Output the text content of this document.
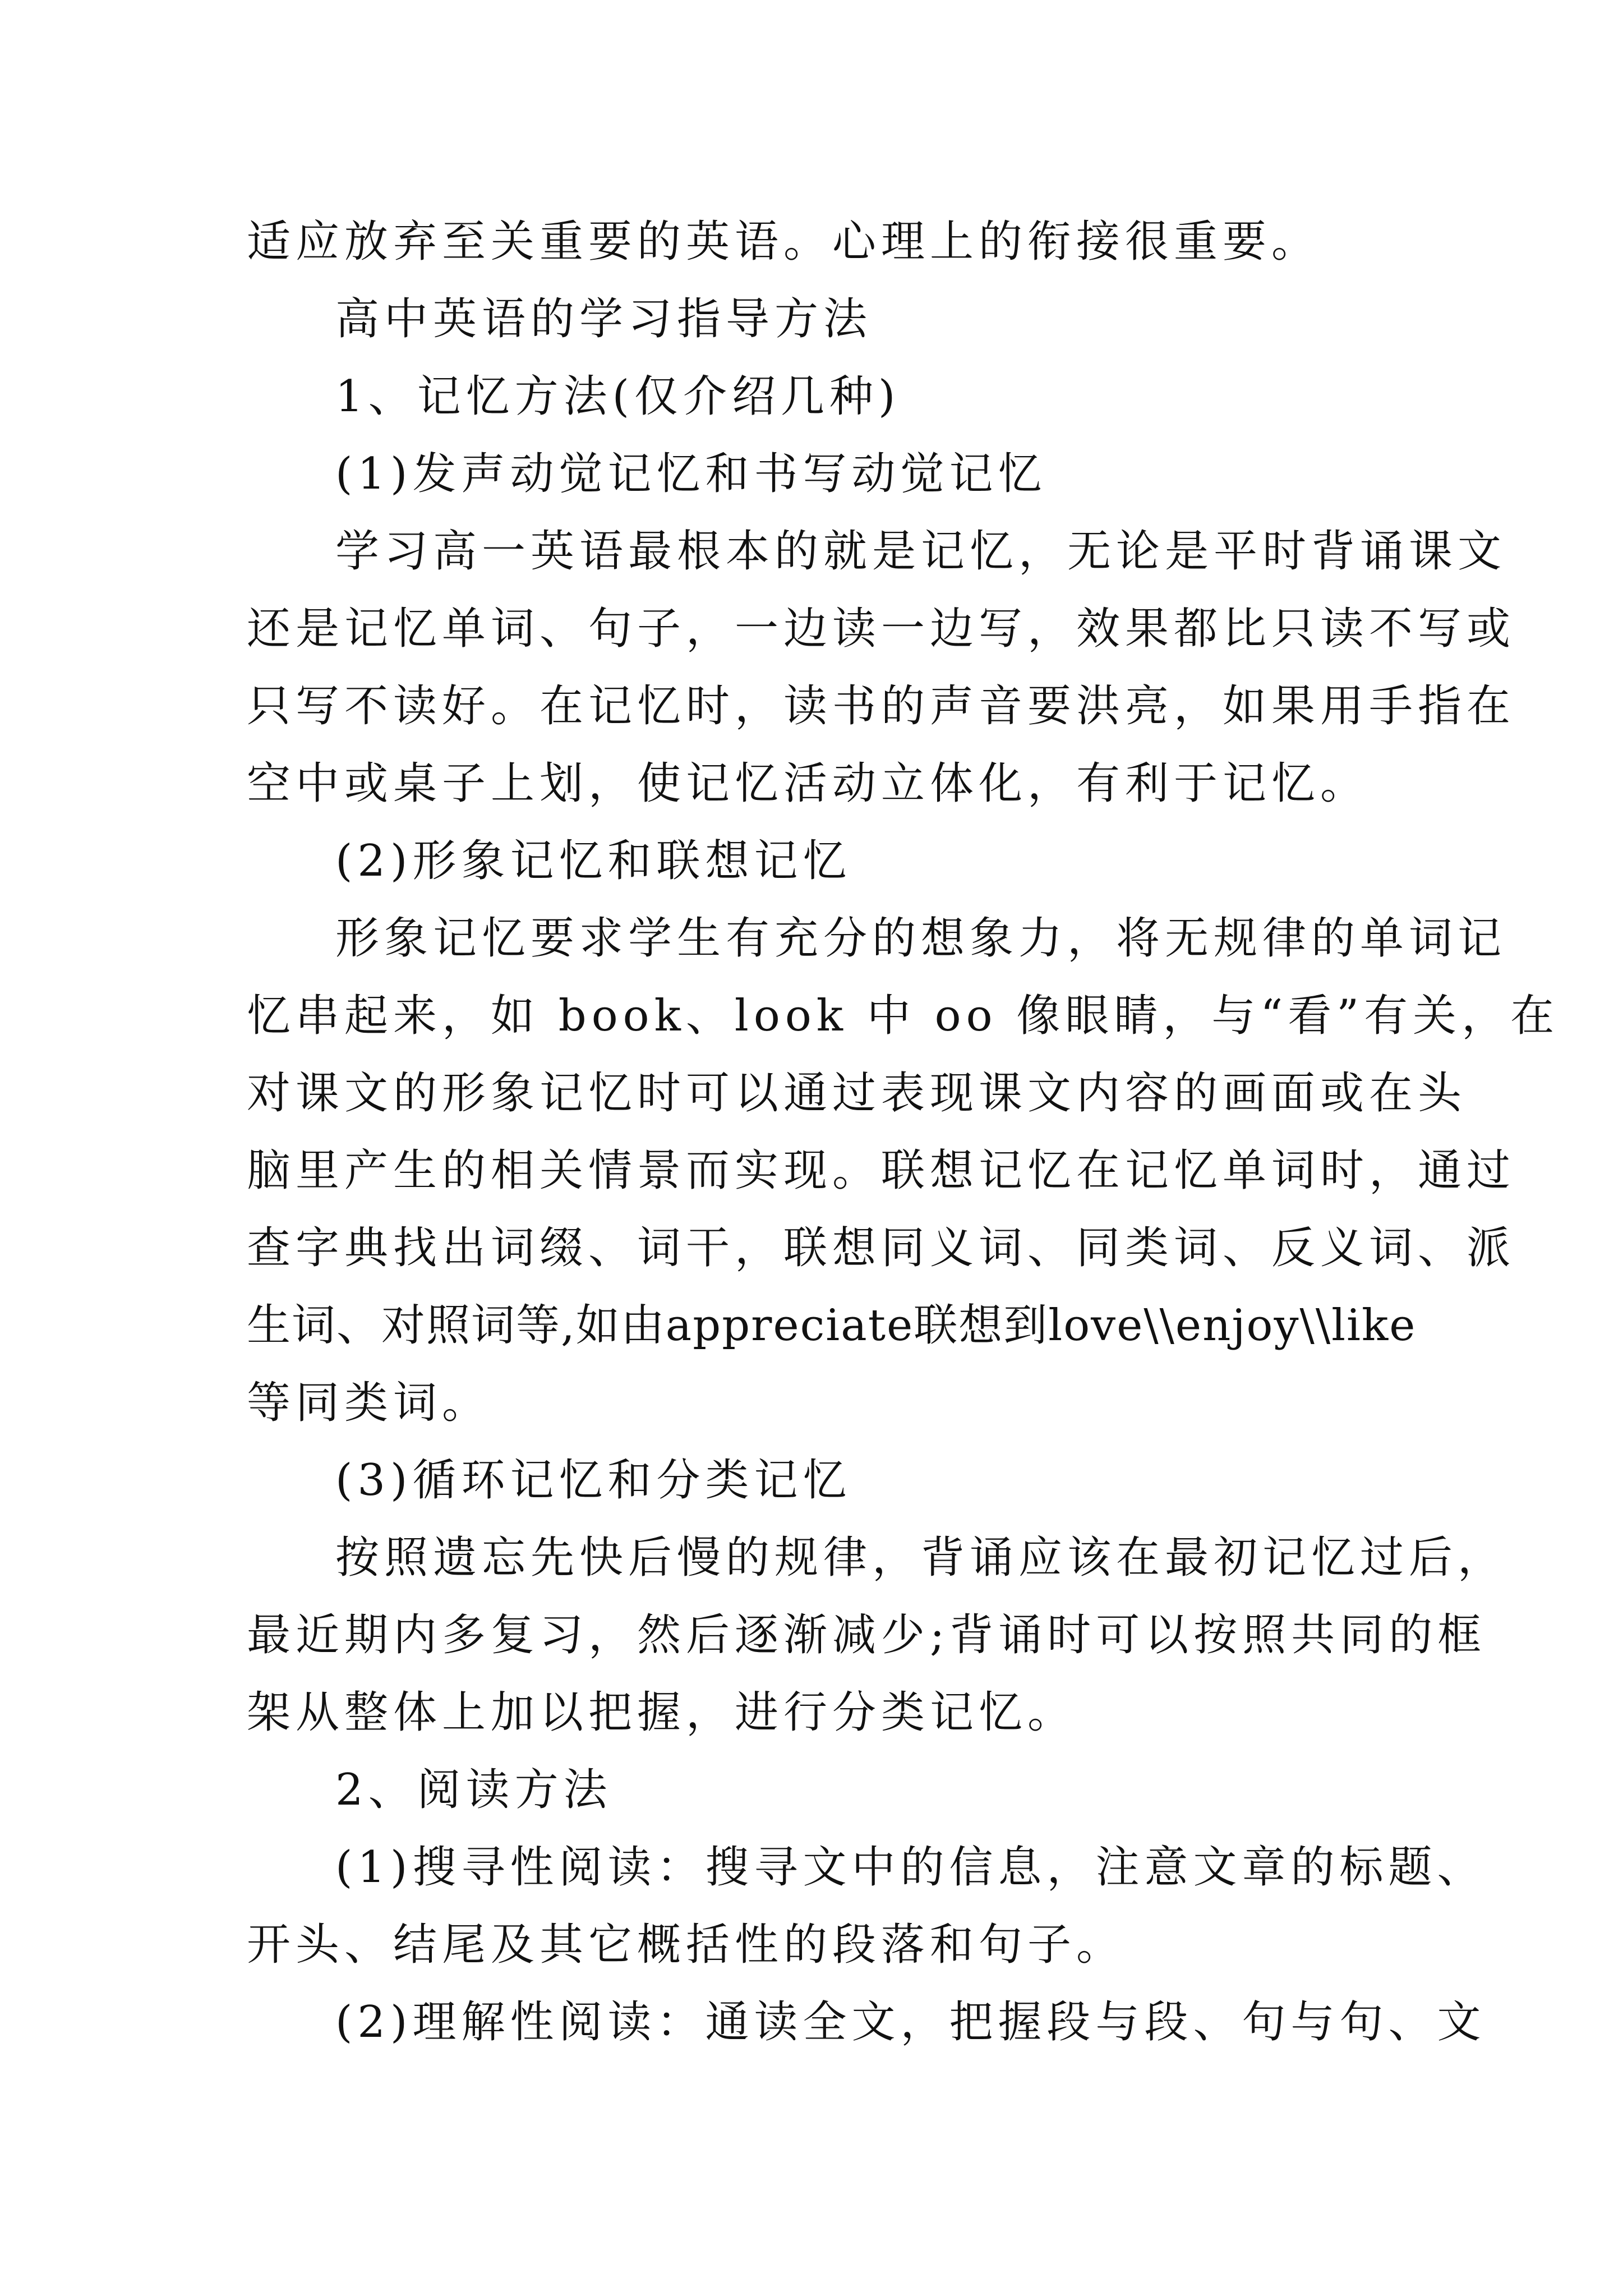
适应放弃至关重要的英语。心理上的衔接很重要。
高中英语的学习指导方法
1、记忆方法(仅介绍几种)
(1)发声动觉记忆和书写动觉记忆
学习高一英语最根本的就是记忆，无论是平时背诵课文
还是记忆单词、句子，一边读一边写，效果都比只读不写或
只写不读好。在记忆时，读书的声音要洪亮，如果用手指在
空中或桌子上划，使记忆活动立体化，有利于记忆。
(2)形象记忆和联想记忆
形象记忆要求学生有充分的想象力，将无规律的单词记
忆串起来，如 book、look 中 oo 像眼睛，与“看”有关，在
对课文的形象记忆时可以通过表现课文内容的画面或在头
脑里产生的相关情景而实现。联想记忆在记忆单词时，通过
查字典找出词缀、词干，联想同义词、同类词、反义词、派
生词、对照词等,如由appreciate联想到love\\enjoy\\like
等同类词。
(3)循环记忆和分类记忆
按照遗忘先快后慢的规律，背诵应该在最初记忆过后，
最近期内多复习，然后逐渐减少;背诵时可以按照共同的框
架从整体上加以把握，进行分类记忆。
2、阅读方法
(1)搜寻性阅读：搜寻文中的信息，注意文章的标题、
开头、结尾及其它概括性的段落和句子。
(2)理解性阅读：通读全文，把握段与段、句与句、文
